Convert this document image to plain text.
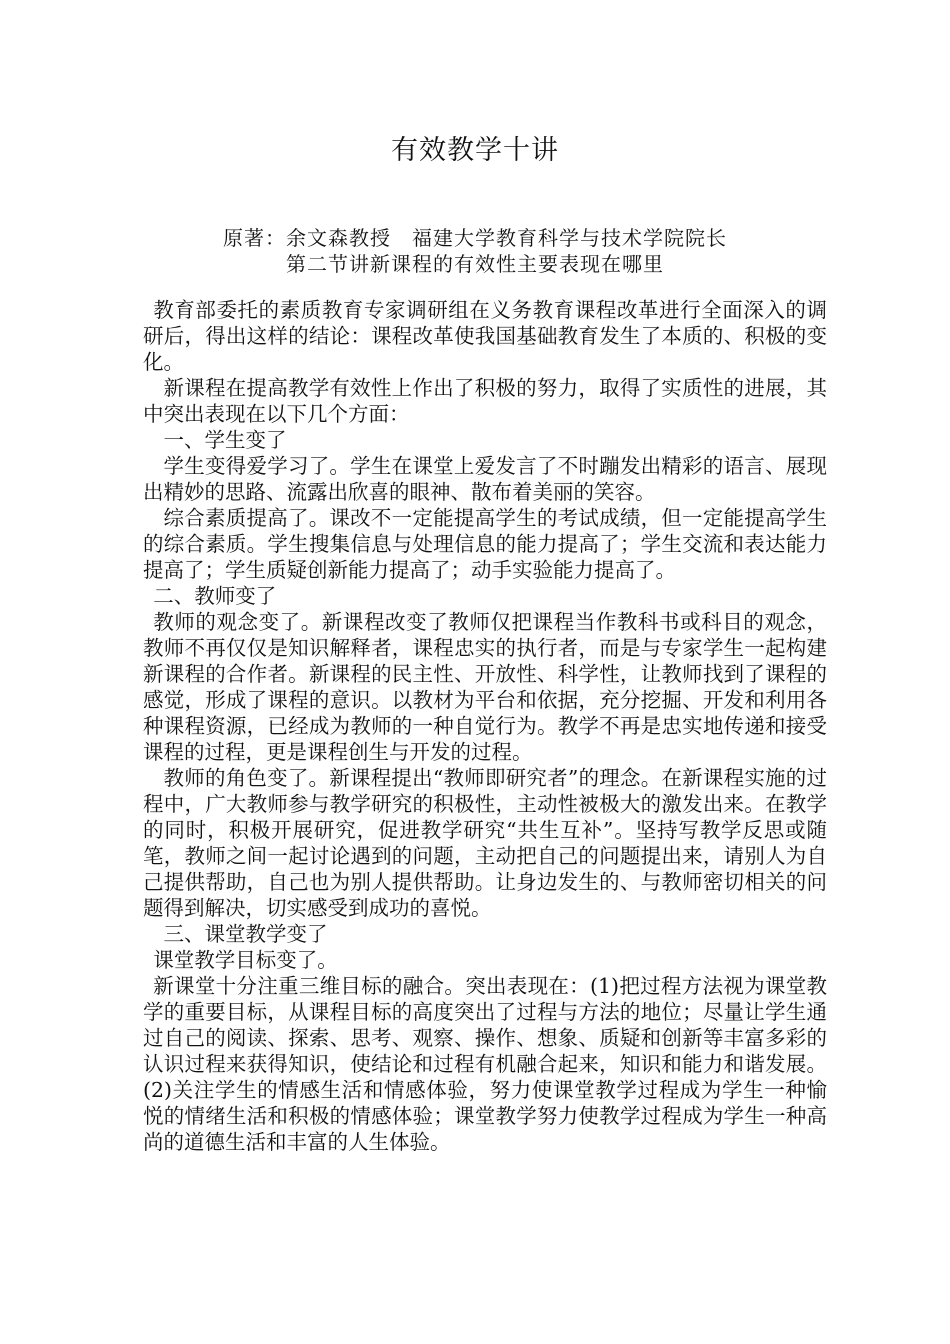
有效教学十讲
原著：余文森教授　福建大学教育科学与技术学院院长
第二节讲新课程的有效性主要表现在哪里

教育部委托的素质教育专家调研组在义务教育课程改革进行全面深入的调研后，得出这样的结论：课程改革使我国基础教育发生了本质的、积极的变化。

新课程在提高教学有效性上作出了积极的努力，取得了实质性的进展，其中突出表现在以下几个方面：

一、学生变了

学生变得爱学习了。学生在课堂上爱发言了不时蹦发出精彩的语言、展现出精妙的思路、流露出欣喜的眼神、散布着美丽的笑容。

综合素质提高了。课改不一定能提高学生的考试成绩，但一定能提高学生的综合素质。学生搜集信息与处理信息的能力提高了；学生交流和表达能力提高了；学生质疑创新能力提高了；动手实验能力提高了。

二、教师变了

教师的观念变了。新课程改变了教师仅把课程当作教科书或科目的观念，教师不再仅仅是知识解释者，课程忠实的执行者，而是与专家学生一起构建新课程的合作者。新课程的民主性、开放性、科学性，让教师找到了课程的感觉，形成了课程的意识。以教材为平台和依据，充分挖掘、开发和利用各种课程资源，已经成为教师的一种自觉行为。教学不再是忠实地传递和接受课程的过程，更是课程创生与开发的过程。

教师的角色变了。新课程提出“教师即研究者”的理念。在新课程实施的过程中，广大教师参与教学研究的积极性，主动性被极大的激发出来。在教学的同时，积极开展研究，促进教学研究“共生互补”。坚持写教学反思或随笔，教师之间一起讨论遇到的问题，主动把自己的问题提出来，请别人为自己提供帮助，自己也为别人提供帮助。让身边发生的、与教师密切相关的问题得到解决，切实感受到成功的喜悦。

三、课堂教学变了

课堂教学目标变了。

新课堂十分注重三维目标的融合。突出表现在：(1)把过程方法视为课堂教学的重要目标，从课程目标的高度突出了过程与方法的地位；尽量让学生通过自己的阅读、探索、思考、观察、操作、想象、质疑和创新等丰富多彩的认识过程来获得知识，使结论和过程有机融合起来，知识和能力和谐发展。(2)关注学生的情感生活和情感体验，努力使课堂教学过程成为学生一种愉悦的情绪生活和积极的情感体验；课堂教学努力使教学过程成为学生一种高尚的道德生活和丰富的人生体验。
